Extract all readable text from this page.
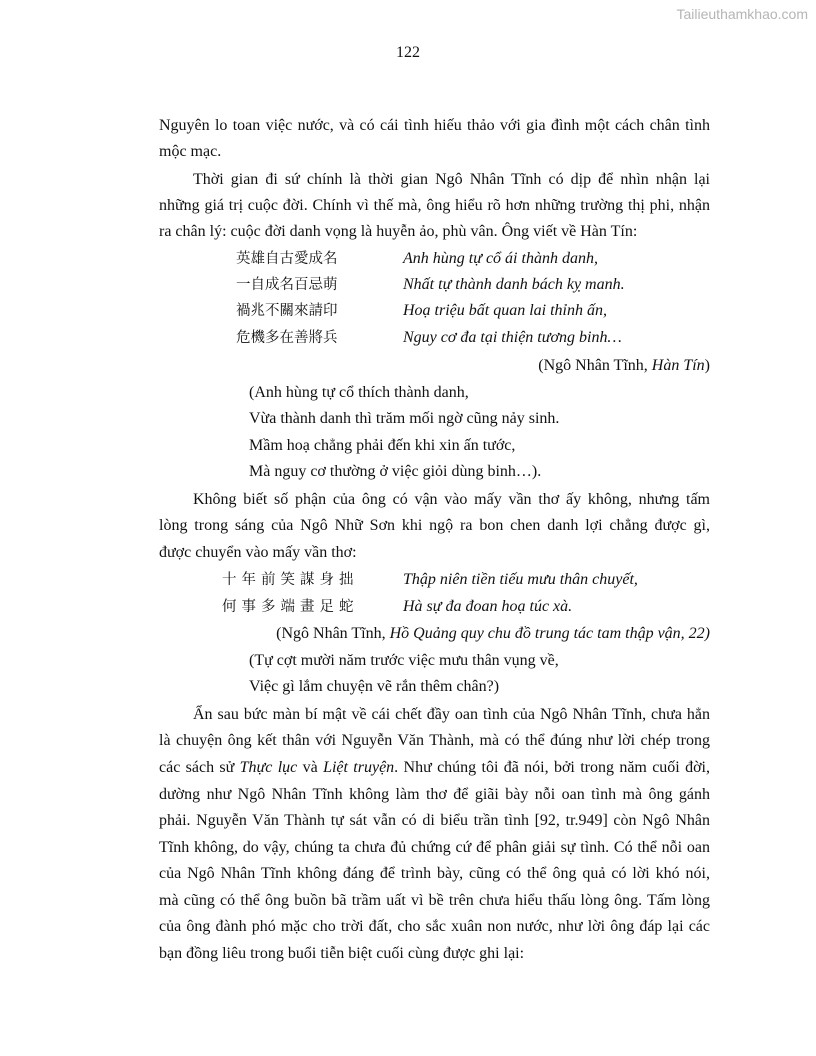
Tailieuthamkhao.com
122
Nguyên lo toan việc nước, và có cái tình hiếu thảo với gia đình một cách chân tình
mộc mạc.
Thời gian đi sứ chính là thời gian Ngô Nhân Tĩnh có dịp để nhìn nhận lại
những giá trị cuộc đời. Chính vì thế mà, ông hiểu rõ hơn những trường thị phi, nhận
ra chân lý: cuộc đời danh vọng là huyễn ảo, phù vân. Ông viết về Hàn Tín:
英雄自古愛成名
一自成名百忌萌
禍兆不關來請印
危機多在善將兵
Anh hùng tự cổ ái thành danh,
Nhất tự thành danh bách kỵ manh.
Hoạ triệu bất quan lai thỉnh ấn,
Nguy cơ đa tại thiện tương binh…
(Ngô Nhân Tĩnh, Hàn Tín)
(Anh hùng tự cổ thích thành danh,
Vừa thành danh thì trăm mối ngờ cũng nảy sinh.
Mầm hoạ chẳng phải đến khi xin ấn tước,
Mà nguy cơ thường ở việc giỏi dùng binh…).
Không biết số phận của ông có vận vào mấy vần thơ ấy không, nhưng tấm
lòng trong sáng của Ngô Nhữ Sơn khi ngộ ra bon chen danh lợi chẳng được gì,
được chuyển vào mấy vần thơ:
十年前笑謀身拙
何事多端畫足蛇
Thập niên tiền tiếu mưu thân chuyết,
Hà sự đa đoan hoạ túc xà.
(Ngô Nhân Tĩnh, Hồ Quảng quy chu đồ trung tác tam thập vận, 22)
(Tự cợt mười năm trước việc mưu thân vụng về,
Việc gì lắm chuyện vẽ rắn thêm chân?)
Ẩn sau bức màn bí mật về cái chết đầy oan tình của Ngô Nhân Tĩnh, chưa hẳn
là chuyện ông kết thân với Nguyễn Văn Thành, mà có thể đúng như lời chép trong
các sách sử Thực lục và Liệt truyện. Như chúng tôi đã nói, bởi trong năm cuối đời,
dường như Ngô Nhân Tĩnh không làm thơ để giãi bày nỗi oan tình mà ông gánh
phải. Nguyễn Văn Thành tự sát vẫn có di biểu trần tình [92, tr.949] còn Ngô Nhân
Tĩnh không, do vậy, chúng ta chưa đủ chứng cứ để phân giải sự tình. Có thể nỗi oan
của Ngô Nhân Tĩnh không đáng để trình bày, cũng có thể ông quả có lời khó nói,
mà cũng có thể ông buồn bã trầm uất vì bề trên chưa hiểu thấu lòng ông. Tấm lòng
của ông đành phó mặc cho trời đất, cho sắc xuân non nước, như lời ông đáp lại các
bạn đồng liêu trong buổi tiễn biệt cuối cùng được ghi lại:
